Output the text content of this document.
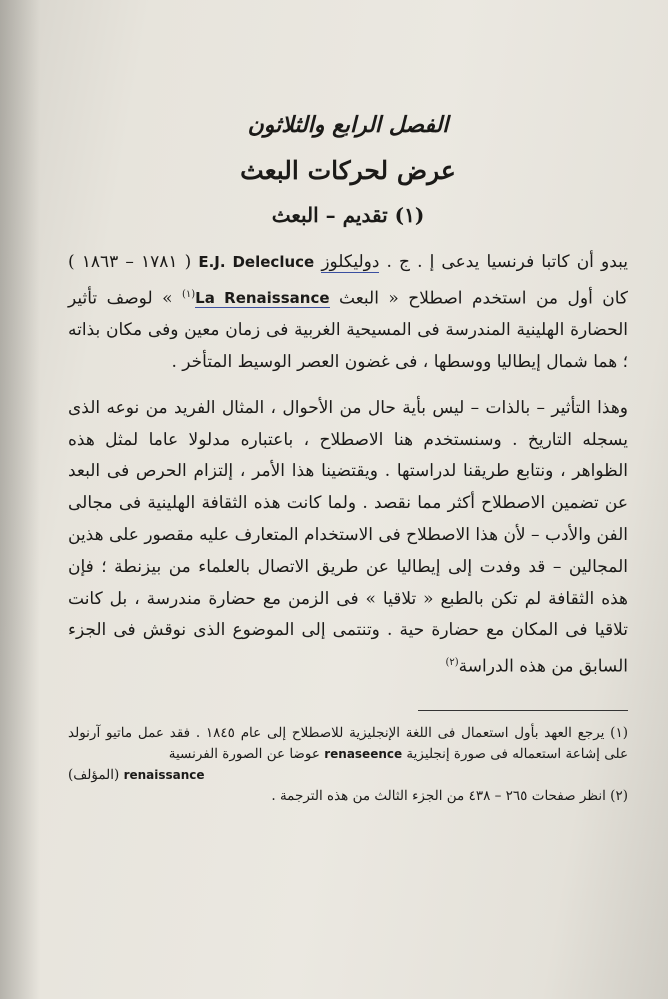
الفصل الرابع والثلاثون
عرض لحركات البعث
(١) تقديم – البعث

يبدو أن كاتبا فرنسيا يدعى إ . ج . دوليكلوز E.J. Delecluce ( ١٧٨١ – ١٨٦٣ ) كان أول من استخدم اصطلاح « البعث La Renaissance$^{(١)}$ » لوصف تأثير الحضارة الهلينية المندرسة فى المسيحية الغربية فى زمان معين وفى مكان بذاته ؛ هما شمال إيطاليا ووسطها ، فى غضون العصر الوسيط المتأخر .

وهذا التأثير – بالذات – ليس بأية حال من الأحوال ، المثال الفريد من نوعه الذى يسجله التاريخ . وسنستخدم هنا الاصطلاح ، باعتباره مدلولا عاما لمثل هذه الظواهر ، ونتابع طريقنا لدراستها . ويقتضينا هذا الأمر ، إلتزام الحرص فى البعد عن تضمين الاصطلاح أكثر مما نقصد . ولما كانت هذه الثقافة الهلينية فى مجالى الفن والأدب – لأن هذا الاصطلاح فى الاستخدام المتعارف عليه مقصور على هذين المجالين – قد وفدت إلى إيطاليا عن طريق الاتصال بالعلماء من بيزنطة ؛ فإن هذه الثقافة لم تكن بالطبع « تلاقيا » فى الزمن مع حضارة مندرسة ، بل كانت تلاقيا فى المكان مع حضارة حية . وتنتمى إلى الموضوع الذى نوقش فى الجزء السابق من هذه الدراسة$^{(٢)}$

(١) يرجع العهد بأول استعمال فى اللغة الإنجليزية للاصطلاح إلى عام ١٨٤٥ . فقد عمل ماتيو آرنولد على إشاعة استعماله فى صورة إنجليزية renaseence عوضا عن الصورة الفرنسية

renaissance (المؤلف)

(٢) انظر صفحات ٢٦٥ – ٤٣٨ من الجزء الثالث من هذه الترجمة .
